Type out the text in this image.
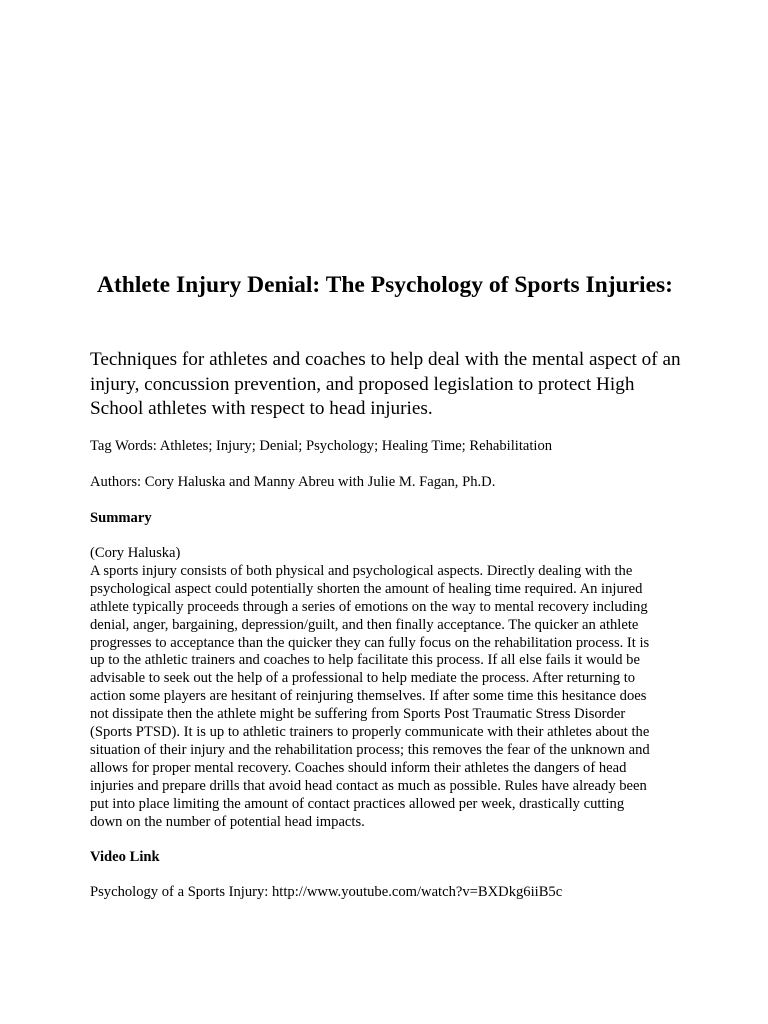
Athlete Injury Denial: The Psychology of Sports Injuries:

Techniques for athletes and coaches to help deal with the mental aspect of an injury, concussion prevention, and proposed legislation to protect High School athletes with respect to head injuries.

Tag Words: Athletes; Injury; Denial; Psychology; Healing Time; Rehabilitation

Authors: Cory Haluska and Manny Abreu with Julie M. Fagan, Ph.D.

Summary

(Cory Haluska)
A sports injury consists of both physical and psychological aspects. Directly dealing with the
psychological aspect could potentially shorten the amount of healing time required. An injured
athlete typically proceeds through a series of emotions on the way to mental recovery including
denial, anger, bargaining, depression/guilt, and then finally acceptance. The quicker an athlete
progresses to acceptance than the quicker they can fully focus on the rehabilitation process. It is
up to the athletic trainers and coaches to help facilitate this process. If all else fails it would be
advisable to seek out the help of a professional to help mediate the process. After returning to
action some players are hesitant of reinjuring themselves. If after some time this hesitance does
not dissipate then the athlete might be suffering from Sports Post Traumatic Stress Disorder
(Sports PTSD). It is up to athletic trainers to properly communicate with their athletes about the
situation of their injury and the rehabilitation process; this removes the fear of the unknown and
allows for proper mental recovery. Coaches should inform their athletes the dangers of head
injuries and prepare drills that avoid head contact as much as possible. Rules have already been
put into place limiting the amount of contact practices allowed per week, drastically cutting
down on the number of potential head impacts.

Video Link

Psychology of a Sports Injury: http://www.youtube.com/watch?v=BXDkg6iiB5c
